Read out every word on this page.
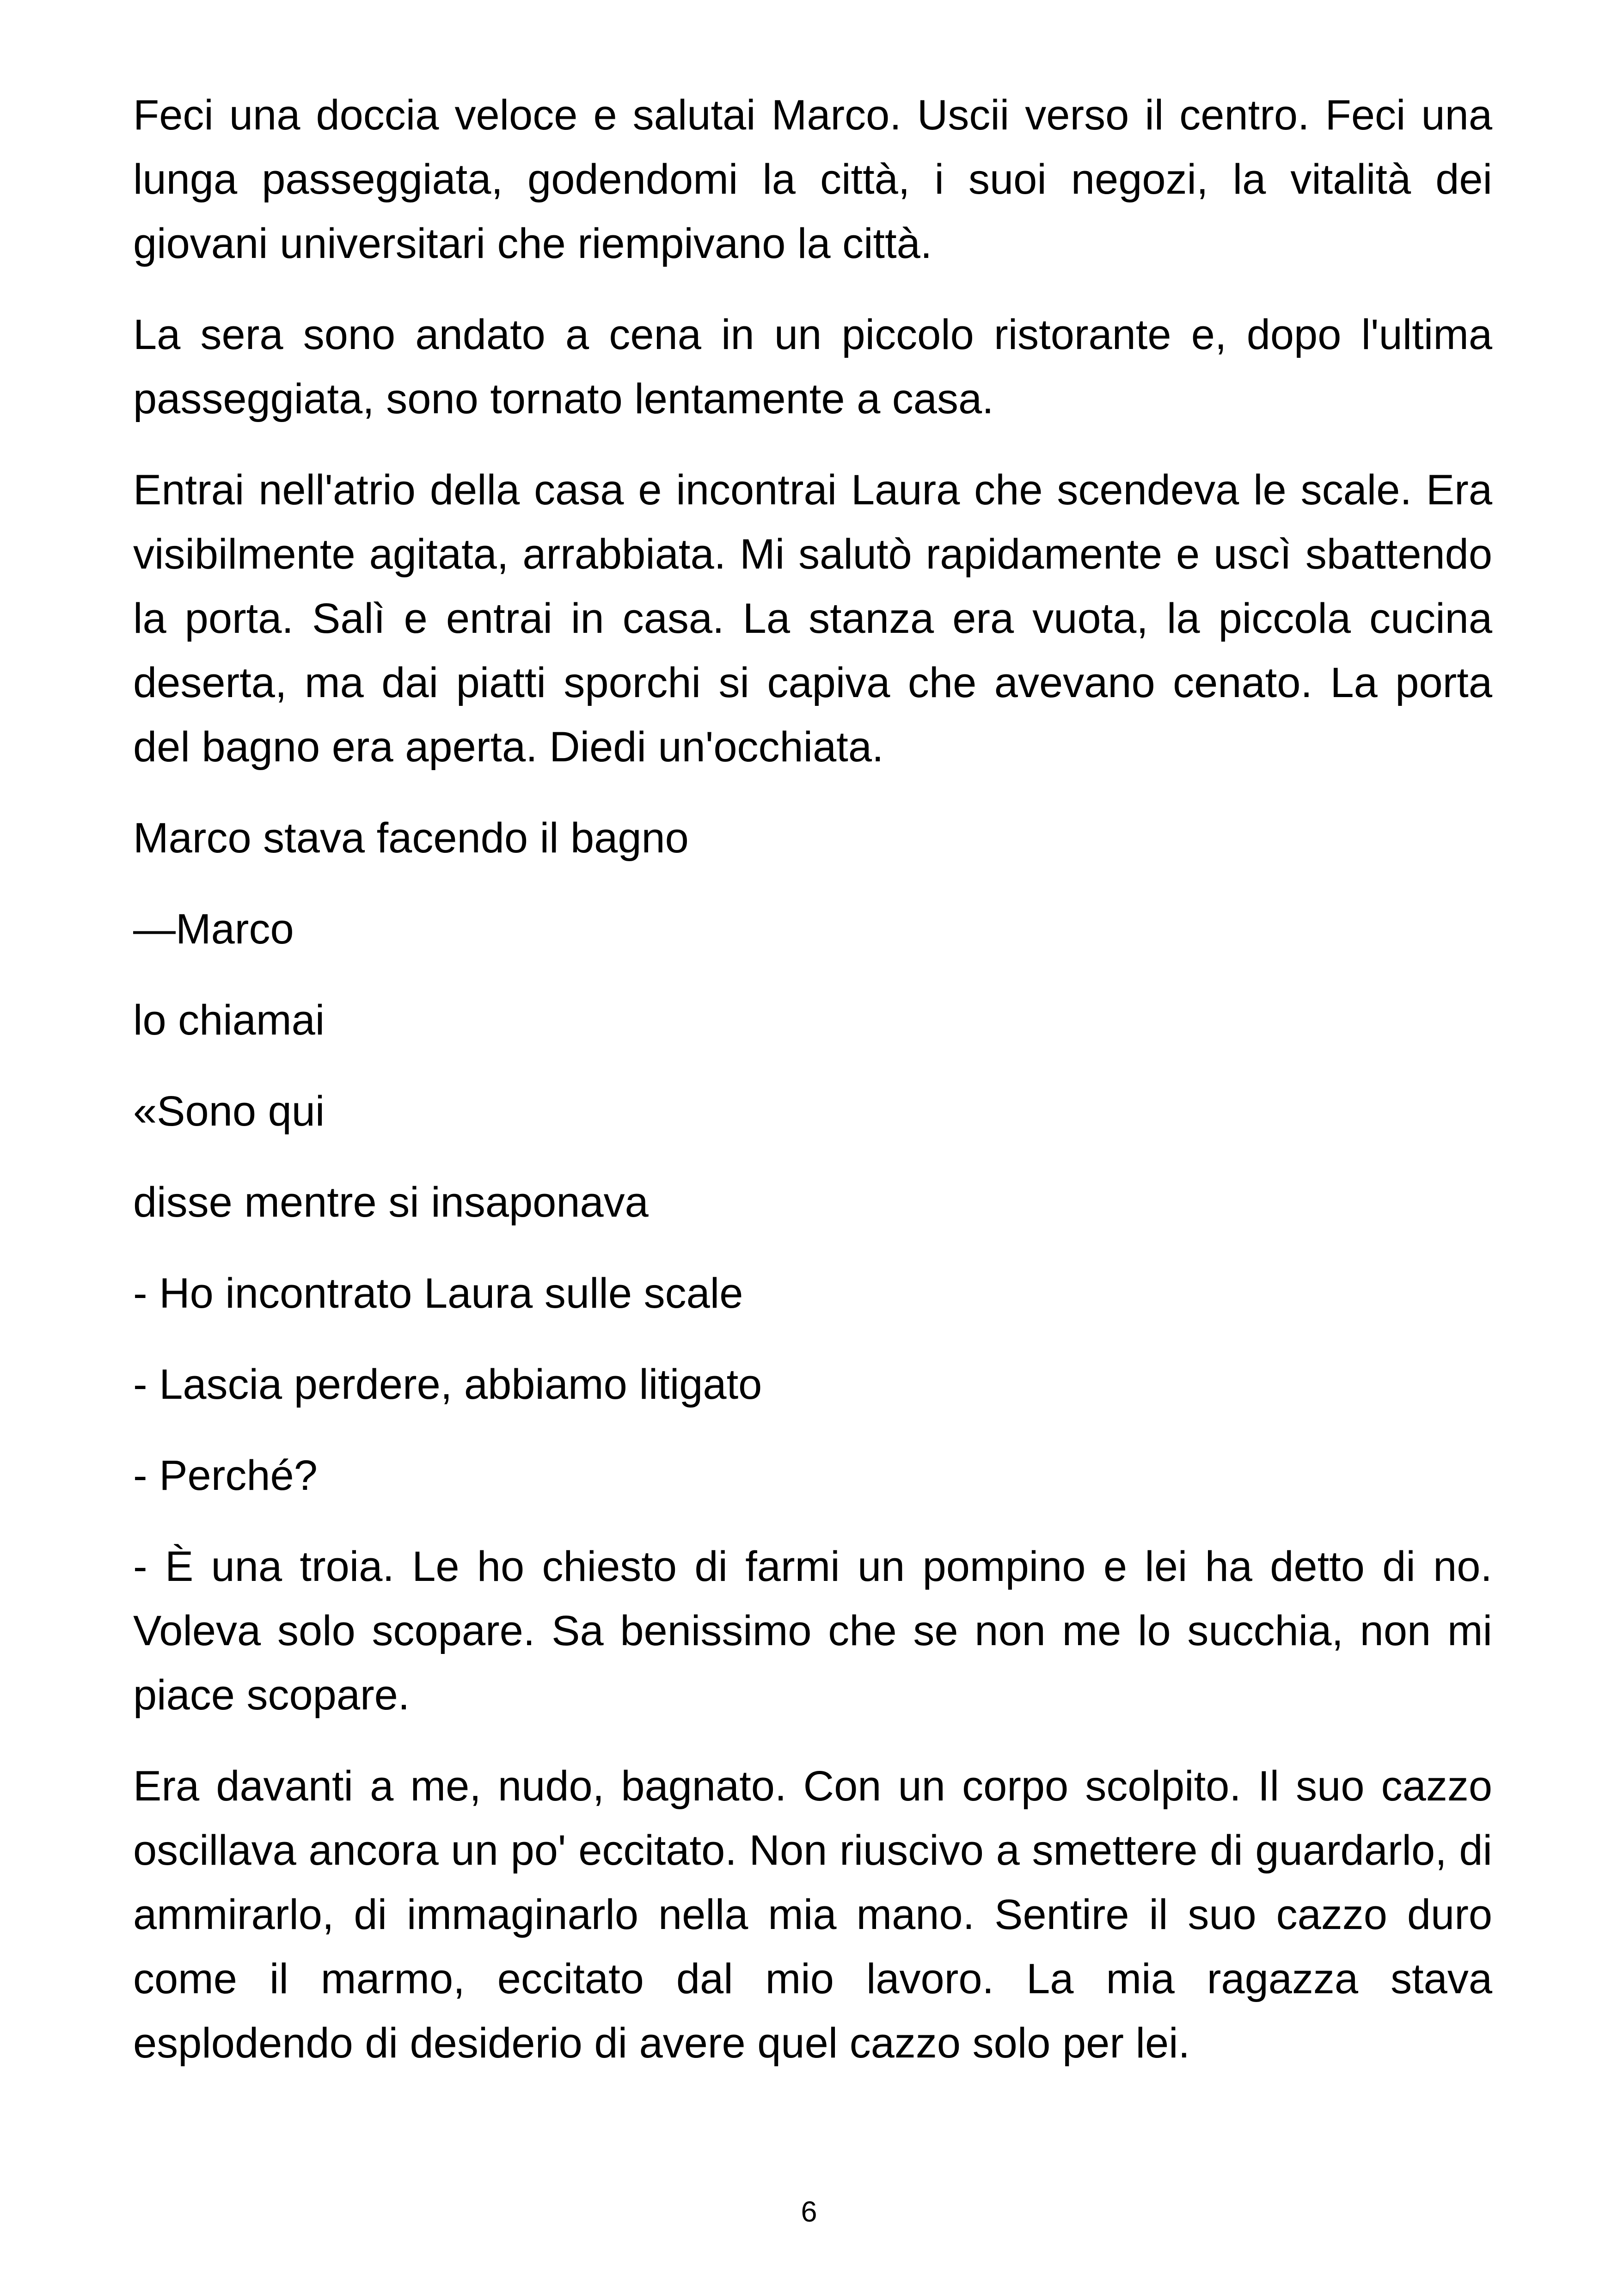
Feci una doccia veloce e salutai Marco. Uscii verso il centro. Feci una lunga passeggiata, godendomi la città, i suoi negozi, la vitalità dei giovani universitari che riempivano la città.

La sera sono andato a cena in un piccolo ristorante e, dopo l'ultima passeggiata, sono tornato lentamente a casa.

Entrai nell'atrio della casa e incontrai Laura che scendeva le scale. Era visibilmente agitata, arrabbiata. Mi salutò rapidamente e uscì sbattendo la porta. Salì e entrai in casa. La stanza era vuota, la piccola cucina deserta, ma dai piatti sporchi si capiva che avevano cenato. La porta del bagno era aperta. Diedi un'occhiata.

Marco stava facendo il bagno

—Marco

lo chiamai

«Sono qui

disse mentre si insaponava

- Ho incontrato Laura sulle scale

- Lascia perdere, abbiamo litigato

- Perché?

- È una troia. Le ho chiesto di farmi un pompino e lei ha detto di no. Voleva solo scopare. Sa benissimo che se non me lo succhia, non mi piace scopare.

Era davanti a me, nudo, bagnato. Con un corpo scolpito. Il suo cazzo oscillava ancora un po' eccitato. Non riuscivo a smettere di guardarlo, di ammirarlo, di immaginarlo nella mia mano. Sentire il suo cazzo duro come il marmo, eccitato dal mio lavoro. La mia ragazza stava esplodendo di desiderio di avere quel cazzo solo per lei.

6
